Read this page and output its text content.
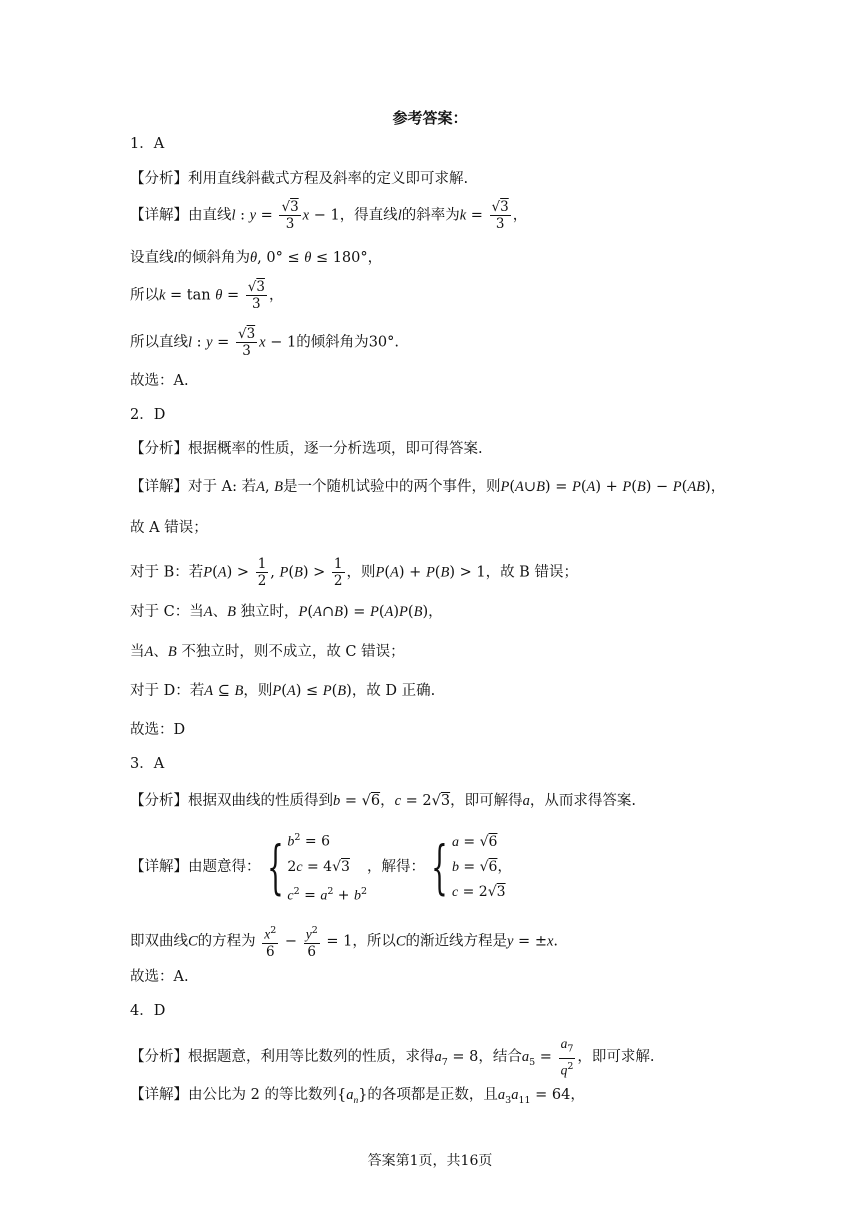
参考答案：
1．A
【分析】利用直线斜截式方程及斜率的定义即可求解.
【详解】由直线l : $y = \frac{√3}{3}$ x − 1，得直线l的斜率为$k = \frac{√3}{3}$ ，
设直线l的倾斜角为θ, 0° ≤ θ ≤ 180°，
所以$k = \tan \theta = \frac{√3}{3}$ ，
所以直线l : $y = \frac{√3}{3}$ x − 1的倾斜角为30°.
故选：A.
2．D
【分析】根据概率的性质，逐一分析选项，即可得答案.
【详解】对于 A: 若A, B是一个随机试验中的两个事件，则P(A∪B) = P(A) + P(B) − P(AB)，
故 A 错误；
对于 B：若$P(A) > \frac{1}{2}$ , $P(B) > \frac{1}{2}$ ，则P(A) + P(B) > 1，故 B 错误；
对于 C：当A、B 独立时，P(A∩B) = P(A)P(B)，
当A、B 不独立时，则不成立，故 C 错误；
对于 D：若A ⊆ B，则P(A) ≤ P(B)，故 D 正确.
故选：D
3．A
【分析】根据双曲线的性质得到b = √6，c = 2√3，即可解得a，从而求得答案.
【详解】由题意得： { $b^2 = 6$
2c = 4√3
$c^2 = a^2 + b^2$
，解得： { a = √6
b = √6，
c = 2√3
即双曲线C的方程为 $\frac{x^2}{6} - \frac{y^2}{6} = 1$，所以C的渐近线方程是y = ±x.
故选：A.
4．D
【分析】根据题意，利用等比数列的性质，求得$a_7 = 8$，结合$a_5 = \frac{a_7}{q^2}$ ，即可求解.
【详解】由公比为 2 的等比数列$\{a_n\}$的各项都是正数，且$a_3a_{11} = 64$，
答案第1页，共16页
